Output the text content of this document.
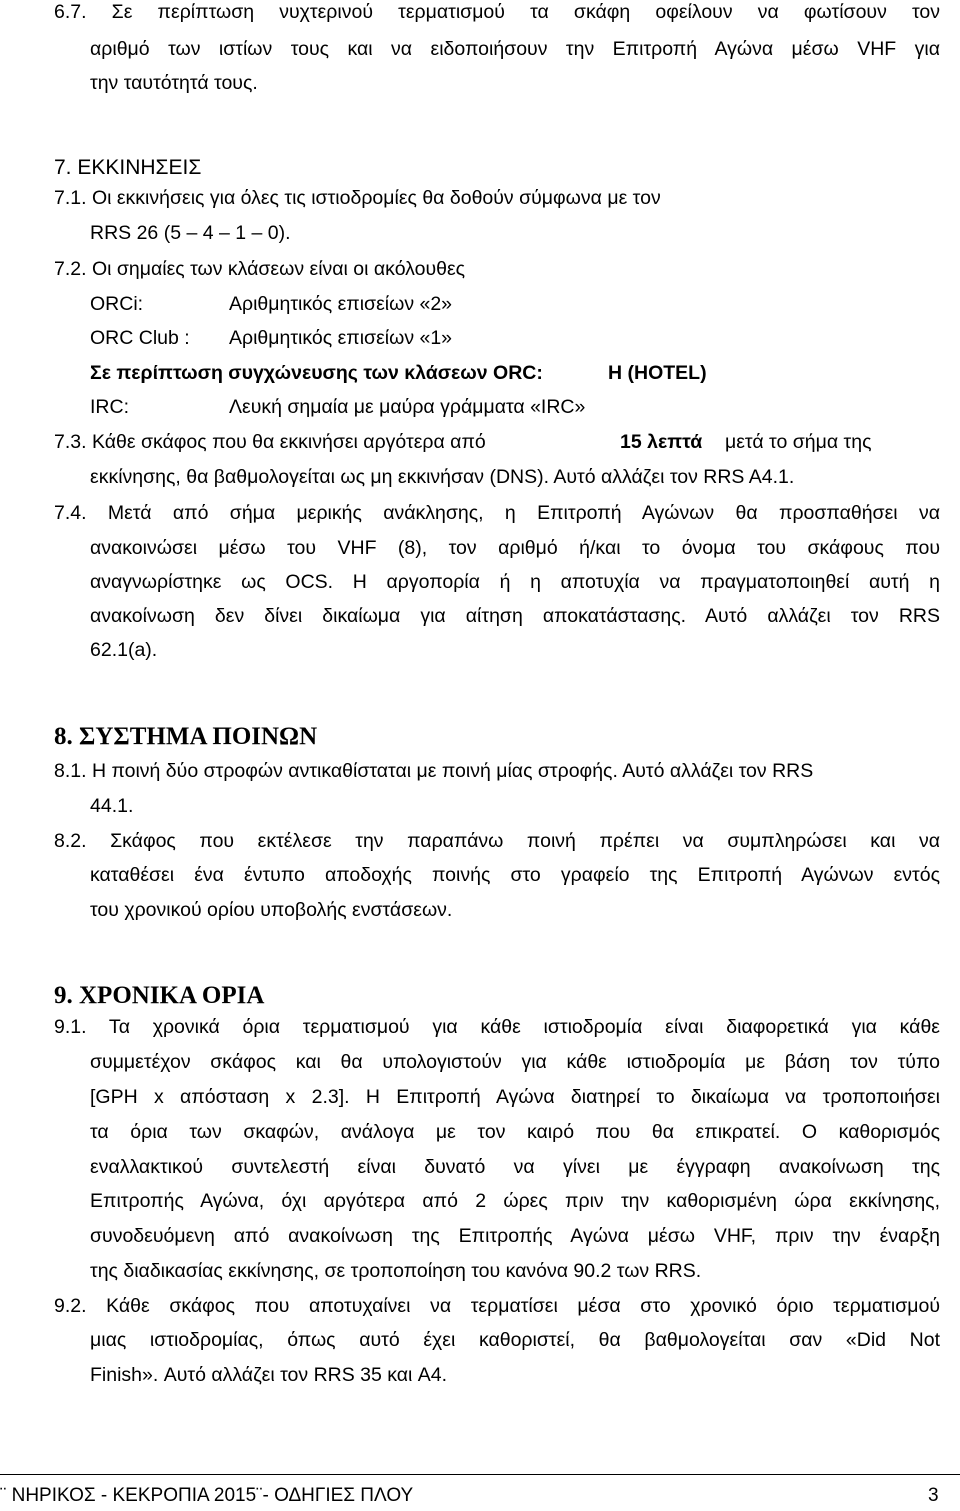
6.7. Σε περίπτωση νυχτερινού τερματισμού τα σκάφη οφείλουν να φωτίσουν τον
αριθμό των ιστίων τους και να ειδοποιήσουν την Επιτροπή Αγώνα μέσω VHF για
την ταυτότητά τους.
7. ΕΚΚΙΝΗΣΕΙΣ
7.1. Οι εκκινήσεις για όλες τις ιστιοδρομίες θα δοθούν σύμφωνα με τον
RRS 26 (5 – 4 – 1 – 0).
7.2. Οι σημαίες των κλάσεων είναι οι ακόλουθες
ORCi:	Αριθμητικός επισείων «2»
ORC Club : Αριθμητικός επισείων «1»
Σε περίπτωση συγχώνευσης των κλάσεων ORC:	H (HOTEL)
IRC:	Λευκή σημαία με μαύρα γράμματα «IRC»
7.3. Κάθε σκάφος που θα εκκινήσει αργότερα από	15 λεπτά μετά το σήμα της
εκκίνησης, θα βαθμολογείται ως μη εκκινήσαν (DNS). Αυτό αλλάζει τον RRS A4.1.
7.4. Μετά από σήμα μερικής ανάκλησης, η Επιτροπή Αγώνων θα προσπαθήσει να
ανακοινώσει μέσω του VHF (8), τον αριθμό ή/και το όνομα του σκάφους που
αναγνωρίστηκε ως OCS. Η αργοπορία ή η αποτυχία να πραγματοποιηθεί αυτή η
ανακοίνωση δεν δίνει δικαίωμα για αίτηση αποκατάστασης. Αυτό αλλάζει τον RRS
62.1(a).
8. ΣΥΣΤΗΜΑ ΠΟΙΝΩΝ
8.1. Η ποινή δύο στροφών αντικαθίσταται με ποινή μίας στροφής. Αυτό αλλάζει τον RRS
44.1.
8.2. Σκάφος που εκτέλεσε την παραπάνω ποινή πρέπει να συμπληρώσει και να
καταθέσει ένα έντυπο αποδοχής ποινής στο γραφείο της Επιτροπή Αγώνων εντός
του χρονικού ορίου υποβολής ενστάσεων.
9. ΧΡΟΝΙΚΑ ΟΡΙΑ
9.1. Τα χρονικά όρια τερματισμού για κάθε ιστιοδρομία είναι διαφορετικά για κάθε
συμμετέχον σκάφος και θα υπολογιστούν για κάθε ιστιοδρομία με βάση τον τύπο
[GPH x απόσταση x 2.3]. Η Επιτροπή Αγώνα διατηρεί το δικαίωμα να τροποποιήσει
τα όρια των σκαφών, ανάλογα με τον καιρό που θα επικρατεί. Ο καθορισμός
εναλλακτικού συντελεστή είναι δυνατό να γίνει με έγγραφη ανακοίνωση της
Επιτροπής Αγώνα, όχι αργότερα από 2 ώρες πριν την καθορισμένη ώρα εκκίνησης,
συνοδευόμενη από ανακοίνωση της Επιτροπής Αγώνα μέσω VHF, πριν την έναρξη
της διαδικασίας εκκίνησης, σε τροποποίηση του κανόνα 90.2 των RRS.
9.2. Κάθε σκάφος που αποτυχαίνει να τερματίσει μέσα στο χρονικό όριο τερματισμού
μιας ιστιοδρομίας, όπως αυτό έχει καθοριστεί, θα βαθμολογείται σαν «Did Not
Finish». Αυτό αλλάζει τον RRS 35 και A4.
¨ ΝΗΡΙΚΟΣ - ΚΕΚΡΟΠΙΑ 2015¨- ΟΔΗΓΙΕΣ ΠΛΟΥ	3
